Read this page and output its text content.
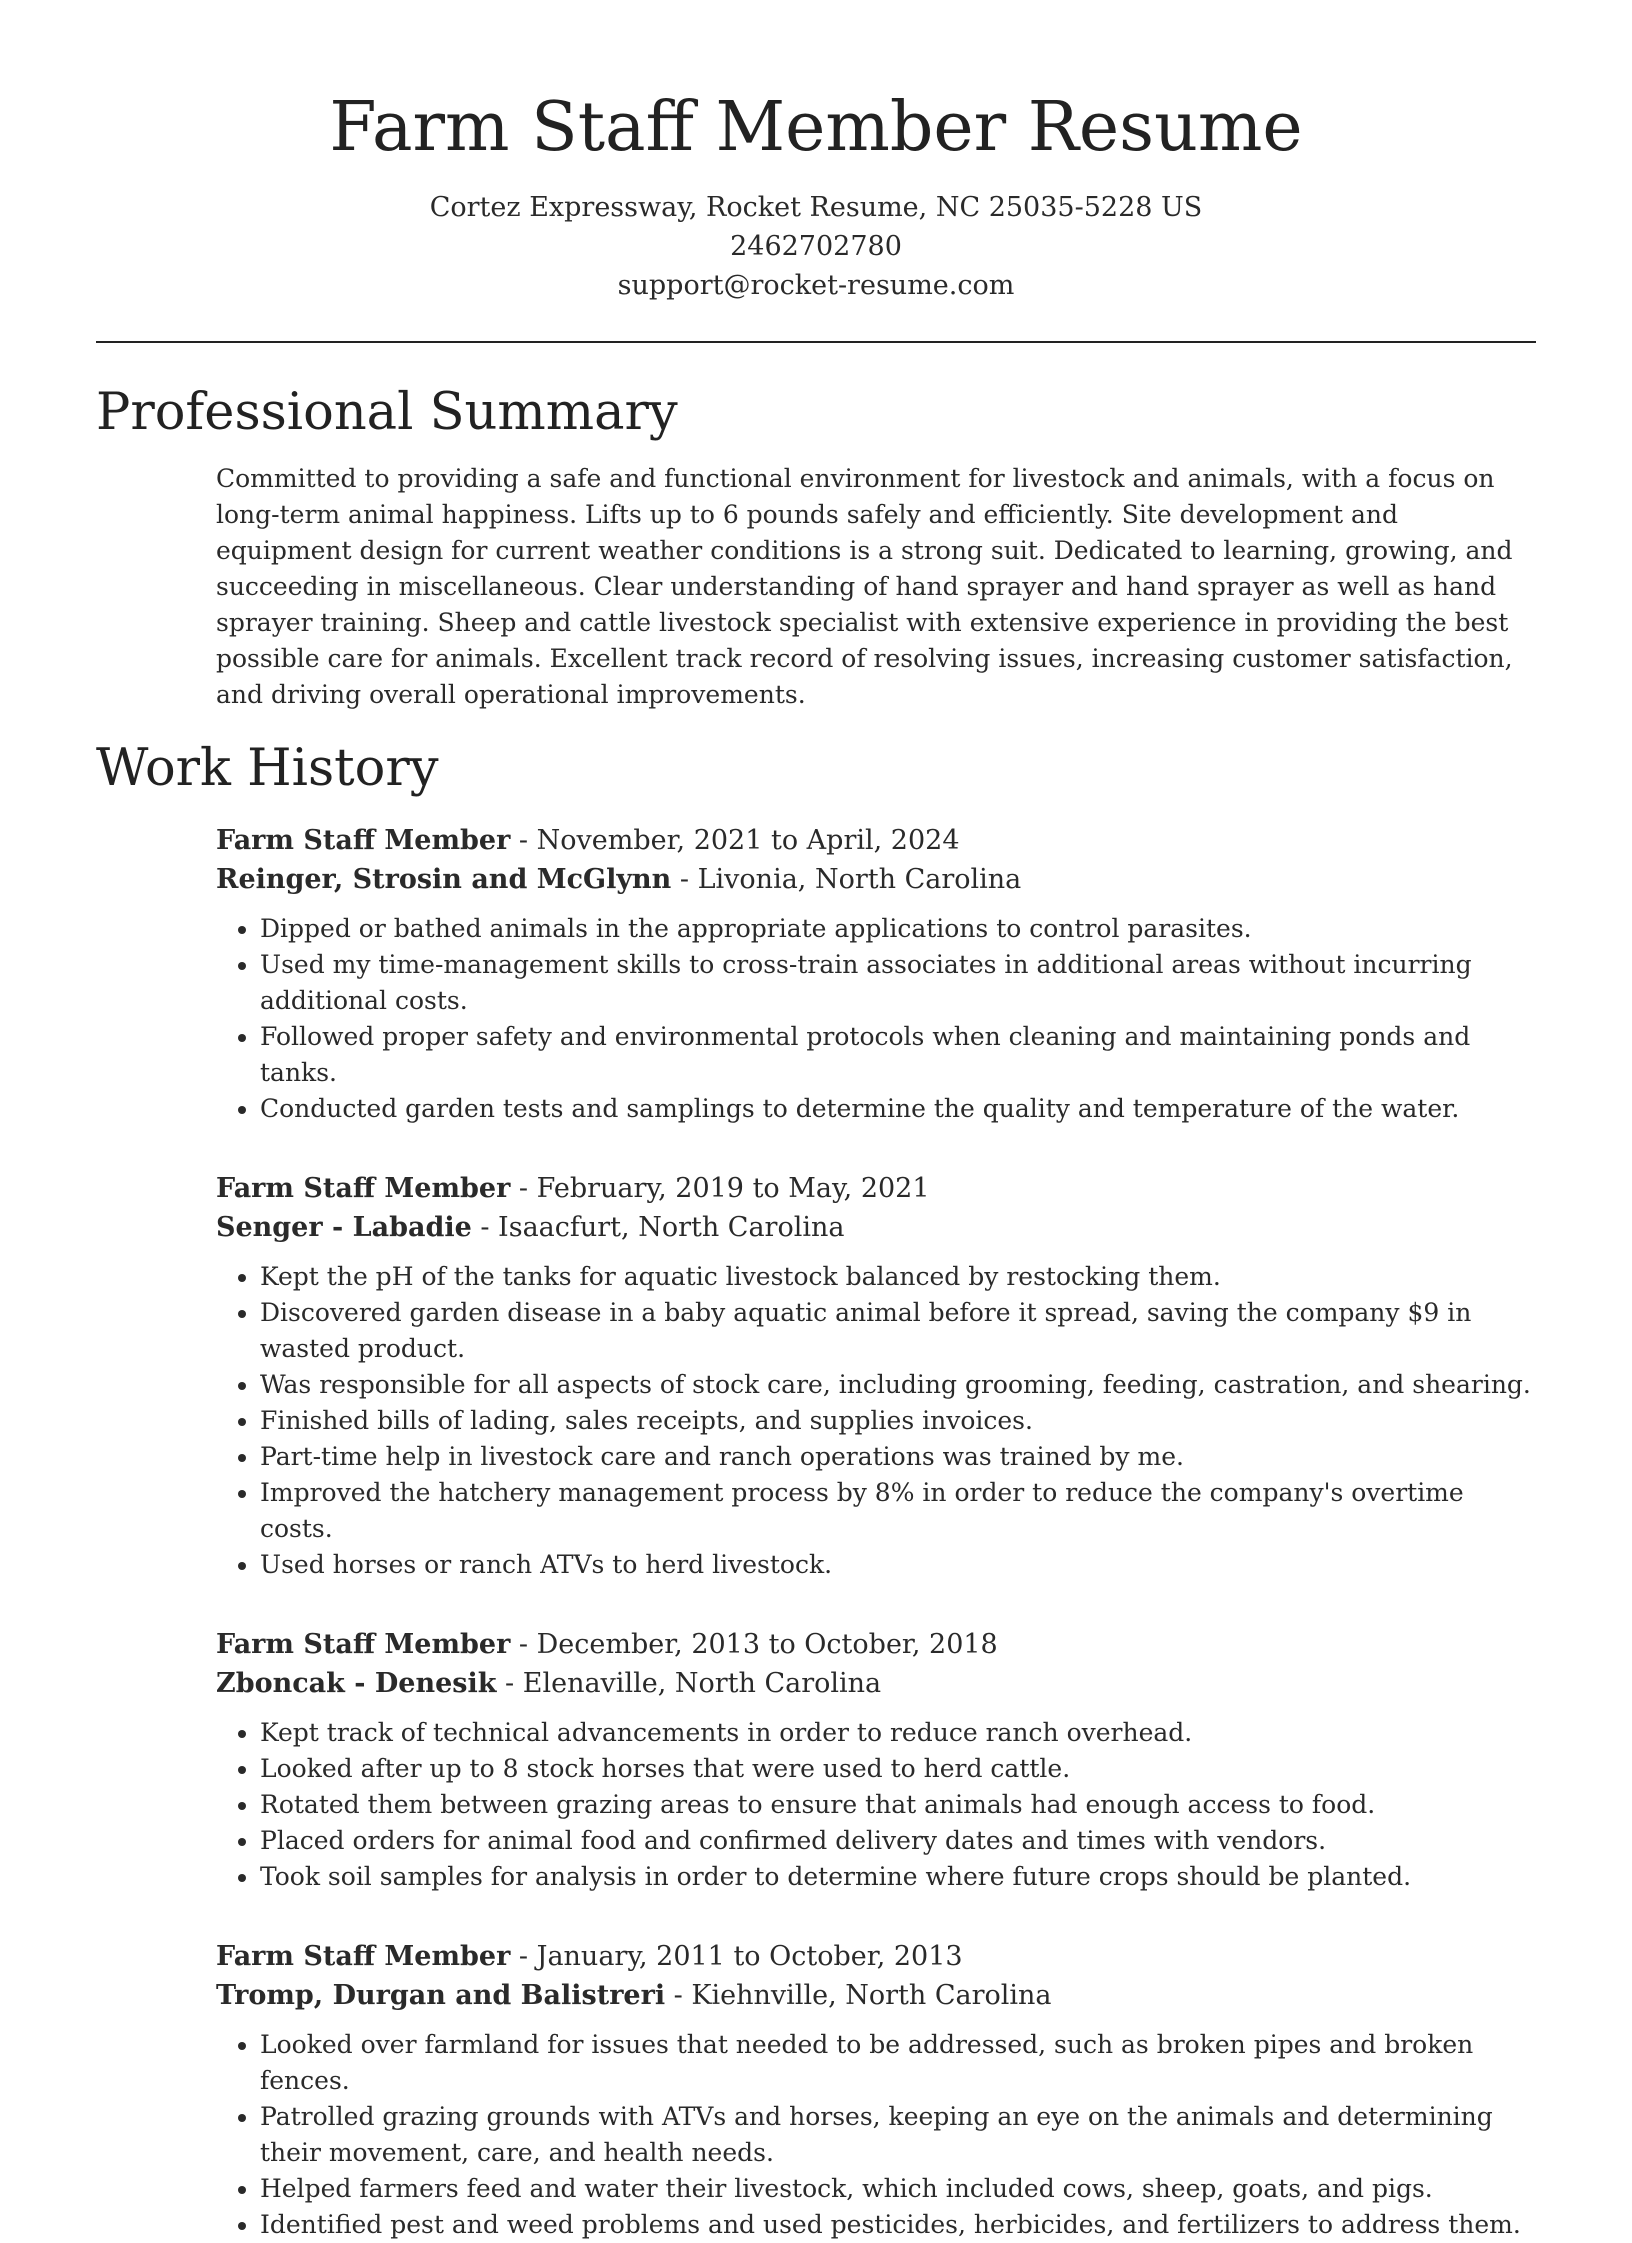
Farm Staff Member Resume
Cortez Expressway, Rocket Resume, NC 25035-5228 US
2462702780
support@rocket-resume.com
Professional Summary

Committed to providing a safe and functional environment for livestock and animals, with a focus on long-term animal happiness. Lifts up to 6 pounds safely and efficiently. Site development and equipment design for current weather conditions is a strong suit. Dedicated to learning, growing, and succeeding in miscellaneous. Clear understanding of hand sprayer and hand sprayer as well as hand sprayer training. Sheep and cattle livestock specialist with extensive experience in providing the best possible care for animals. Excellent track record of resolving issues, increasing customer satisfaction, and driving overall operational improvements.

Work History
Farm Staff Member - November, 2021 to April, 2024
Reinger, Strosin and McGlynn - Livonia, North Carolina
• Dipped or bathed animals in the appropriate applications to control parasites.
• Used my time-management skills to cross-train associates in additional areas without incurring additional costs.
• Followed proper safety and environmental protocols when cleaning and maintaining ponds and tanks.
• Conducted garden tests and samplings to determine the quality and temperature of the water.
Farm Staff Member - February, 2019 to May, 2021
Senger - Labadie - Isaacfurt, North Carolina
• Kept the pH of the tanks for aquatic livestock balanced by restocking them.
• Discovered garden disease in a baby aquatic animal before it spread, saving the company $9 in wasted product.
• Was responsible for all aspects of stock care, including grooming, feeding, castration, and shearing.
• Finished bills of lading, sales receipts, and supplies invoices.
• Part-time help in livestock care and ranch operations was trained by me.
• Improved the hatchery management process by 8% in order to reduce the company's overtime costs.
• Used horses or ranch ATVs to herd livestock.
Farm Staff Member - December, 2013 to October, 2018
Zboncak - Denesik - Elenaville, North Carolina
• Kept track of technical advancements in order to reduce ranch overhead.
• Looked after up to 8 stock horses that were used to herd cattle.
• Rotated them between grazing areas to ensure that animals had enough access to food.
• Placed orders for animal food and confirmed delivery dates and times with vendors.
• Took soil samples for analysis in order to determine where future crops should be planted.
Farm Staff Member - January, 2011 to October, 2013
Tromp, Durgan and Balistreri - Kiehnville, North Carolina
• Looked over farmland for issues that needed to be addressed, such as broken pipes and broken fences.
• Patrolled grazing grounds with ATVs and horses, keeping an eye on the animals and determining their movement, care, and health needs.
• Helped farmers feed and water their livestock, which included cows, sheep, goats, and pigs.
• Identified pest and weed problems and used pesticides, herbicides, and fertilizers to address them.
